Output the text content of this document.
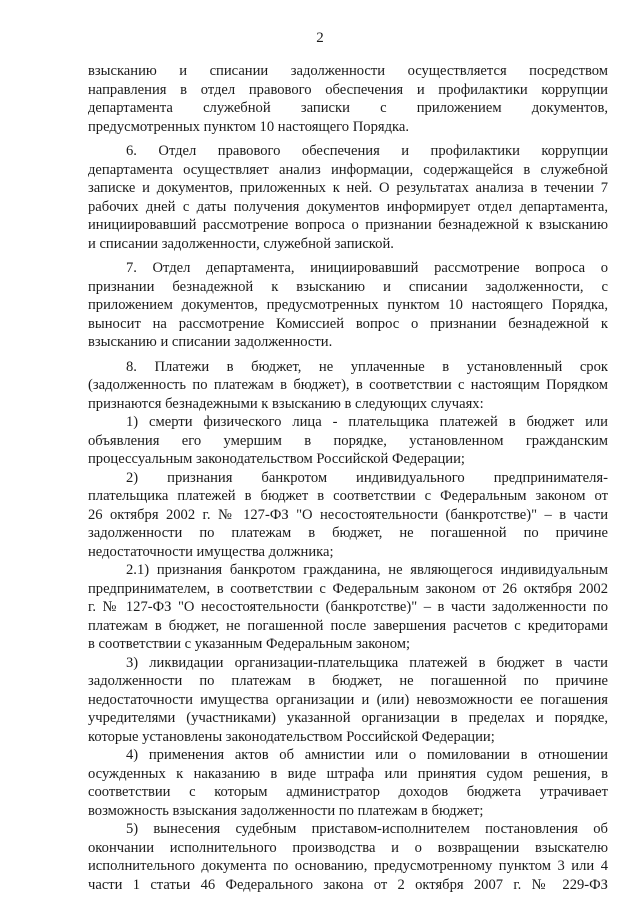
2
взысканию и списании задолженности осуществляется посредством
направления в отдел правового обеспечения и профилактики коррупции
департамента служебной записки с приложением документов,
предусмотренных пунктом 10 настоящего Порядка.
6. Отдел правового обеспечения и профилактики коррупции
департамента осуществляет анализ информации, содержащейся в служебной
записке и документов, приложенных к ней. О результатах анализа в течении 7
рабочих дней с даты получения документов информирует отдел департамента,
инициировавший рассмотрение вопроса о признании безнадежной к взысканию
и списании задолженности, служебной запиской.
7. Отдел департамента, инициировавший рассмотрение вопроса о
признании безнадежной к взысканию и списании задолженности, с
приложением документов, предусмотренных пунктом 10 настоящего Порядка,
выносит на рассмотрение Комиссией вопрос о признании безнадежной к
взысканию и списании задолженности.
8. Платежи в бюджет, не уплаченные в установленный срок
(задолженность по платежам в бюджет), в соответствии с настоящим Порядком
признаются безнадежными к взысканию в следующих случаях:
1) смерти физического лица - плательщика платежей в бюджет или
объявления его умершим в порядке, установленном гражданским
процессуальным законодательством Российской Федерации;
2) признания банкротом индивидуального предпринимателя-
плательщика платежей в бюджет в соответствии с Федеральным законом от
26 октября 2002 г. № 127-ФЗ "О несостоятельности (банкротстве)" – в части
задолженности по платежам в бюджет, не погашенной по причине
недостаточности имущества должника;
2.1) признания банкротом гражданина, не являющегося индивидуальным
предпринимателем, в соответствии с Федеральным законом от 26 октября 2002
г. № 127-ФЗ "О несостоятельности (банкротстве)" – в части задолженности по
платежам в бюджет, не погашенной после завершения расчетов с кредиторами
в соответствии с указанным Федеральным законом;
3) ликвидации организации-плательщика платежей в бюджет в части
задолженности по платежам в бюджет, не погашенной по причине
недостаточности имущества организации и (или) невозможности ее погашения
учредителями (участниками) указанной организации в пределах и порядке,
которые установлены законодательством Российской Федерации;
4) применения актов об амнистии или о помиловании в отношении
осужденных к наказанию в виде штрафа или принятия судом решения, в
соответствии с которым администратор доходов бюджета утрачивает
возможность взыскания задолженности по платежам в бюджет;
5) вынесения судебным приставом-исполнителем постановления об
окончании исполнительного производства и о возвращении взыскателю
исполнительного документа по основанию, предусмотренному пунктом 3 или 4
части 1 статьи 46 Федерального закона от 2 октября 2007 г. № 229-ФЗ
